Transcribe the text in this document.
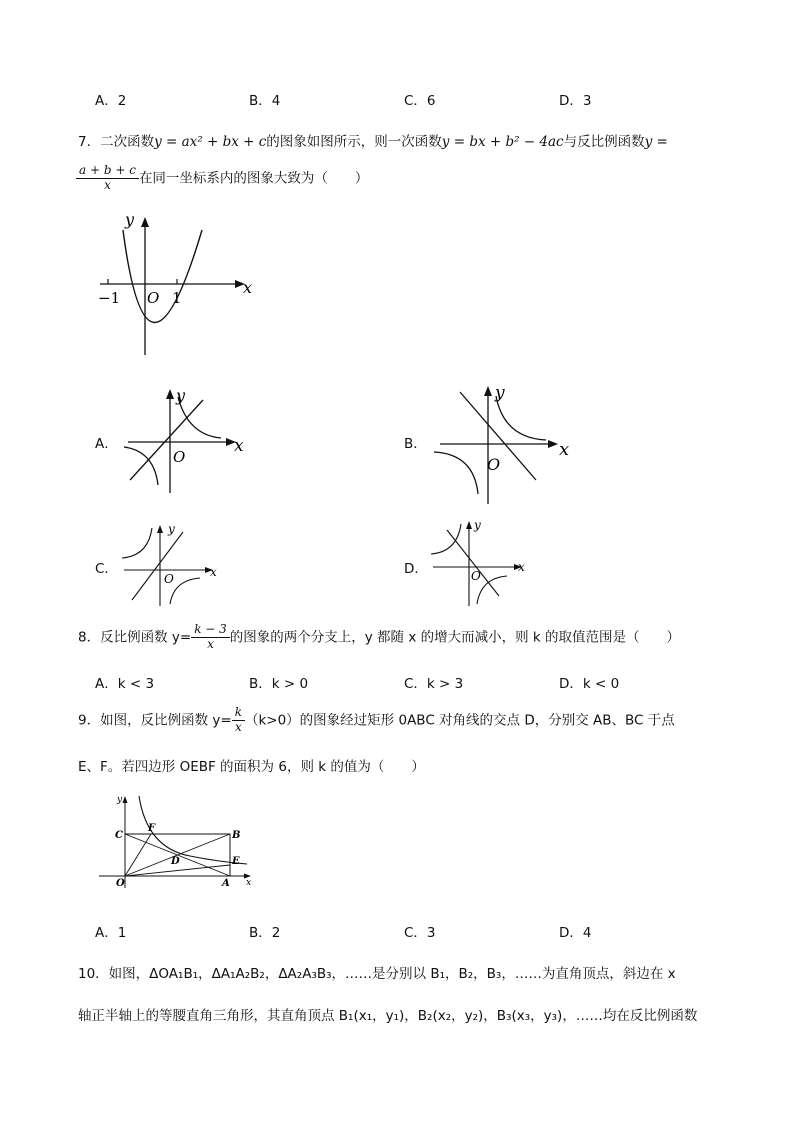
A．2	B．4	C．6	D．3
7．二次函数y = ax² + bx + c的图象如图所示，则一次函数y = bx + b² − 4ac与反比例函数y =
$\frac{a + b + c}{x}$ 在同一坐标系内的图象大致为（　　）
y
x
O
−1	1
A．
y
x
O
B．
y
x
O
C．
y
x
O
D．
y
x
O
8．反比例函数 $y= \frac{k - 3}{x}$ 的图象的两个分支上，y 都随 x 的增大而减小，则 k 的取值范围是（　　）
A．k < 3	B．k > 0	C．k > 3	D．k < 0
9．如图，反比例函数 $y= \frac{k}{x} (k>0)$的图象经过矩形 0ABC 对角线的交点 D，分别交 AB、BC 于点
E、F。若四边形 OEBF 的面积为 6，则 k 的值为（　　）
y
x
C
F
B
D	E
O	A
A．1	B．2	C．3	D．4
10．如图，ΔOA₁B₁，ΔA₁A₂B₂，ΔA₂A₃B₃，……是分别以 B₁，B₂，B₃，……为直角顶点，斜边在 x
轴正半轴上的等腰直角三角形，其直角顶点 B₁(x₁，y₁)，B₂(x₂，y₂)，B₃(x₃，y₃)，……均在反比例函数
